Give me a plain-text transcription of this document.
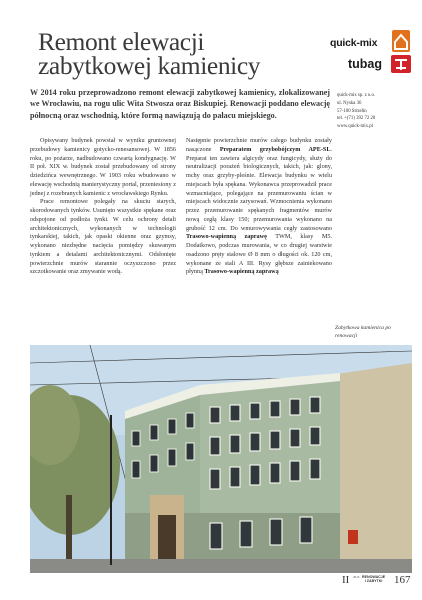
Remont elewacji
zabytkowej kamienicy
quick-mix
tubag
W 2014 roku przeprowadzono remont elewacji zabytkowej kamienicy, zlokalizowanej we Wrocławiu, na rogu ulic Wita Stwosza oraz Biskupiej. Renowacji poddano elewację północną oraz wschodnią, które formą nawiązują do pałacu miejskiego.
quick-mix sp. z o.o.
ul. Nyska 36
57-100 Strzelin
tel. +(71) 392 72 20
www.quick-mix.pl

Opisywany budynek powstał w wyniku gruntownej przebudowy kamienicy gotycko-renesansowej. W 1856 roku, po pożarze, nadbudowano czwartą kondygnację. W II poł. XIX w. budynek został przebudowany od strony dziedzińca wewnętrznego. W 1903 roku wbudowano w elewację wschodnią manierystyczny portal, przeniesiony z jednej z rozebranych kamienic z wrocławskiego Rynku.

Prace remontowe polegały na skuciu starych, skorodowanych tynków. Usunięto wszystkie spękane oraz odspojone od podłoża tynki. W celu ochrony detali architektonicznych, wykonanych w technologii tynkarskiej, takich, jak opaski okienne oraz gzymsy, wykonano niezbędne nacięcia pomiędzy skuwanym tynkiem a detalami architektonicznymi. Odsłonięte powierzchnie murów starannie oczyszczono przez szczotkowanie oraz zmywanie wodą.

Następnie powierzchnie murów całego budynku zostały nasączone Preparatem grzybobójczym APE-SL. Preparat ten zawiera algicydy oraz fungicydy, służy do neutralizacji porażeń biologicznych, takich, jak: glony, mchy oraz grzyby-pleśnie. Elewacja budynku w wielu miejscach była spękana. Wykonawca przeprowadził prace wzmacniające, polegające na przemurowaniu ścian w miejscach widocznie zarysowań. Wzmocnienia wykonano przez przemurowanie spękanych fragmentów murów nową cegłą klasy 150; przemurowania wykonano na grubość 12 cm. Do wmurowywania cegły zastosowano Trasowo-wapienną zaprawę TWM, klasy M5. Dodatkowo, podczas murowania, w co drugiej warstwie osadzono pręty stalowe Ø 8 mm o długości ok. 120 cm, wykonane ze stali A III. Rysy głębsze zainiekowano płynną Trasowo-wapienną zaprawą

Zabytkowa kamienica po renowacji
II 2015 RENOWACJE
I ZABYTKI 167
